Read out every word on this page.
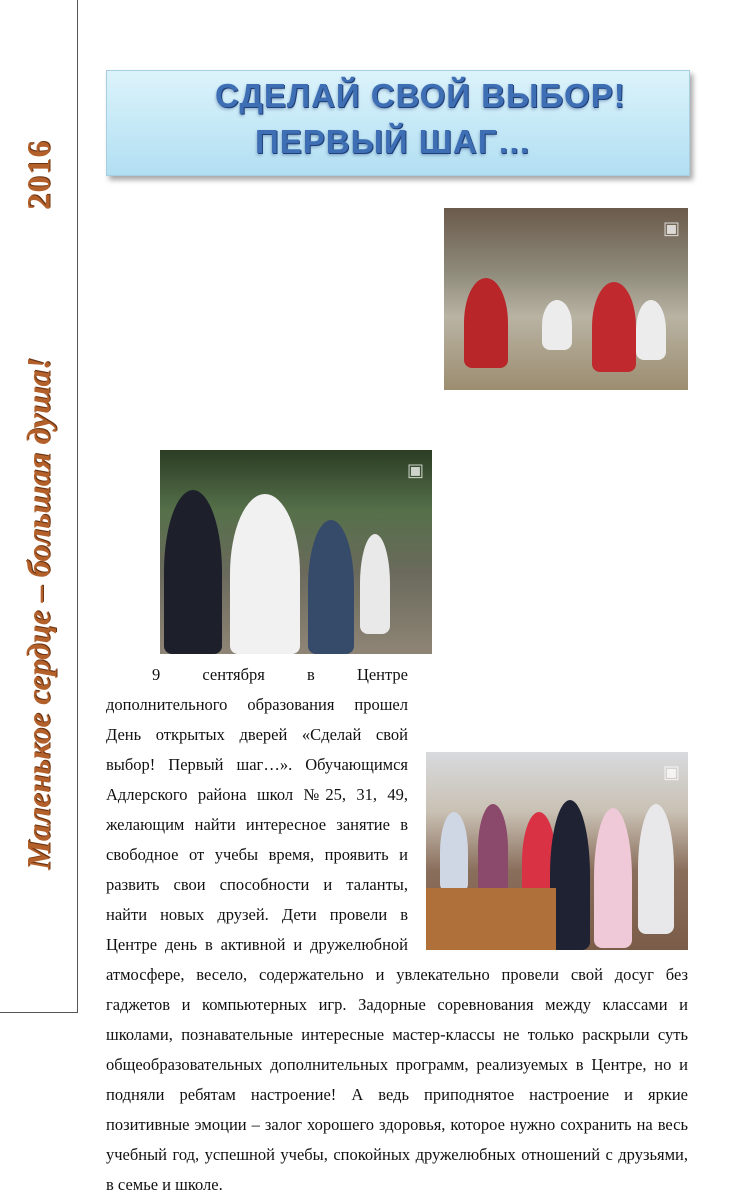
Маленькое сердце – большая душа!
2016
СДЕЛАЙ СВОЙ ВЫБОР!
ПЕРВЫЙ ШАГ…
▣
▣
▣

9 сентября в Центре дополнительного образования прошел День открытых дверей «Сделай свой выбор! Первый шаг…». Обучающимся Адлерского района школ №25, 31, 49, желающим найти интересное занятие в свободное от учебы время, проявить и развить свои способности и таланты, найти новых друзей. Дети провели в Центре день в активной и дружелюбной атмосфере, весело, содержательно и увлекательно провели свой досуг без гаджетов и компьютерных игр. Задорные соревнования между классами и школами, познавательные интересные мастер-классы не только раскрыли суть общеобразовательных дополнительных программ, реализуемых в Центре, но и подняли ребятам настроение! А ведь приподнятое настроение и яркие позитивные эмоции – залог хорошего здоровья, которое нужно сохранить на весь учебный год, успешной учебы, спокойных дружелюбных отношений с друзьями, в семье и школе.
